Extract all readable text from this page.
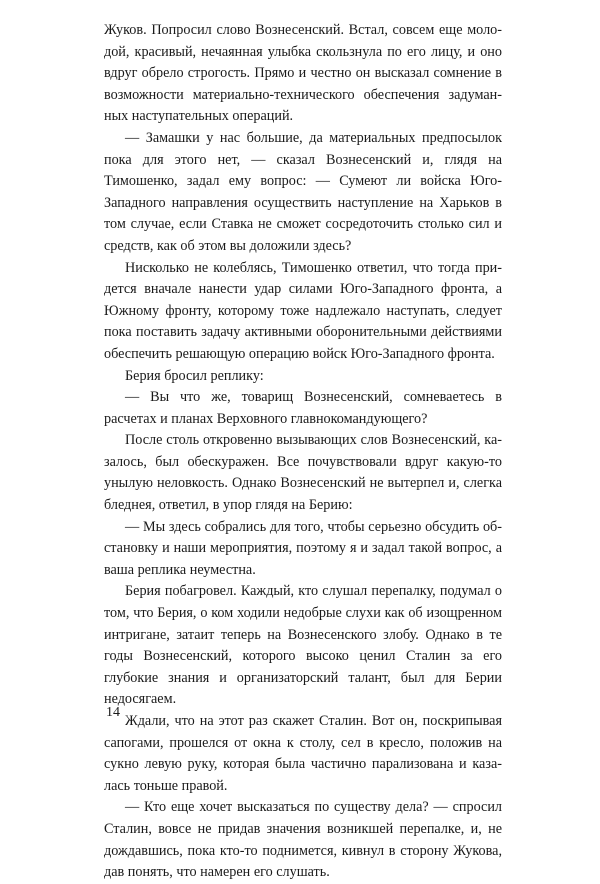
Жуков. Попросил слово Вознесенский. Встал, совсем еще молодой, красивый, нечаянная улыбка скользнула по его лицу, и оно вдруг обрело строгость. Прямо и честно он высказал сомнение в возможности материально-технического обеспечения задуманных наступательных операций.

— Замашки у нас большие, да материальных предпосылок пока для этого нет, — сказал Вознесенский и, глядя на Тимошенко, задал ему вопрос: — Сумеют ли войска Юго-Западного направления осуществить наступление на Харьков в том случае, если Ставка не сможет сосредоточить столько сил и средств, как об этом вы доложили здесь?

Нисколько не колеблясь, Тимошенко ответил, что тогда придется вначале нанести удар силами Юго-Западного фронта, а Южному фронту, которому тоже надлежало наступать, следует пока поставить задачу активными оборонительными действиями обеспечить решающую операцию войск Юго-Западного фронта.

Берия бросил реплику:

— Вы что же, товарищ Вознесенский, сомневаетесь в расчетах и планах Верховного главнокомандующего?

После столь откровенно вызывающих слов Вознесенский, казалось, был обескуражен. Все почувствовали вдруг какую-то унылую неловкость. Однако Вознесенский не вытерпел и, слегка бледнея, ответил, в упор глядя на Берию:

— Мы здесь собрались для того, чтобы серьезно обсудить обстановку и наши мероприятия, поэтому я и задал такой вопрос, а ваша реплика неуместна.

Берия побагровел. Каждый, кто слушал перепалку, подумал о том, что Берия, о ком ходили недобрые слухи как об изощренном интригане, затаит теперь на Вознесенского злобу. Однако в те годы Вознесенский, которого высоко ценил Сталин за его глубокие знания и организаторский талант, был для Берии недосягаем.

Ждали, что на этот раз скажет Сталин. Вот он, поскрипывая сапогами, прошелся от окна к столу, сел в кресло, положив на сукно левую руку, которая была частично парализована и казалась тоньше правой.

— Кто еще хочет высказаться по существу дела? — спросил Сталин, вовсе не придав значения возникшей перепалке, и, не дождавшись, пока кто-то поднимется, кивнул в сторону Жукова, дав понять, что намерен его слушать.

14
